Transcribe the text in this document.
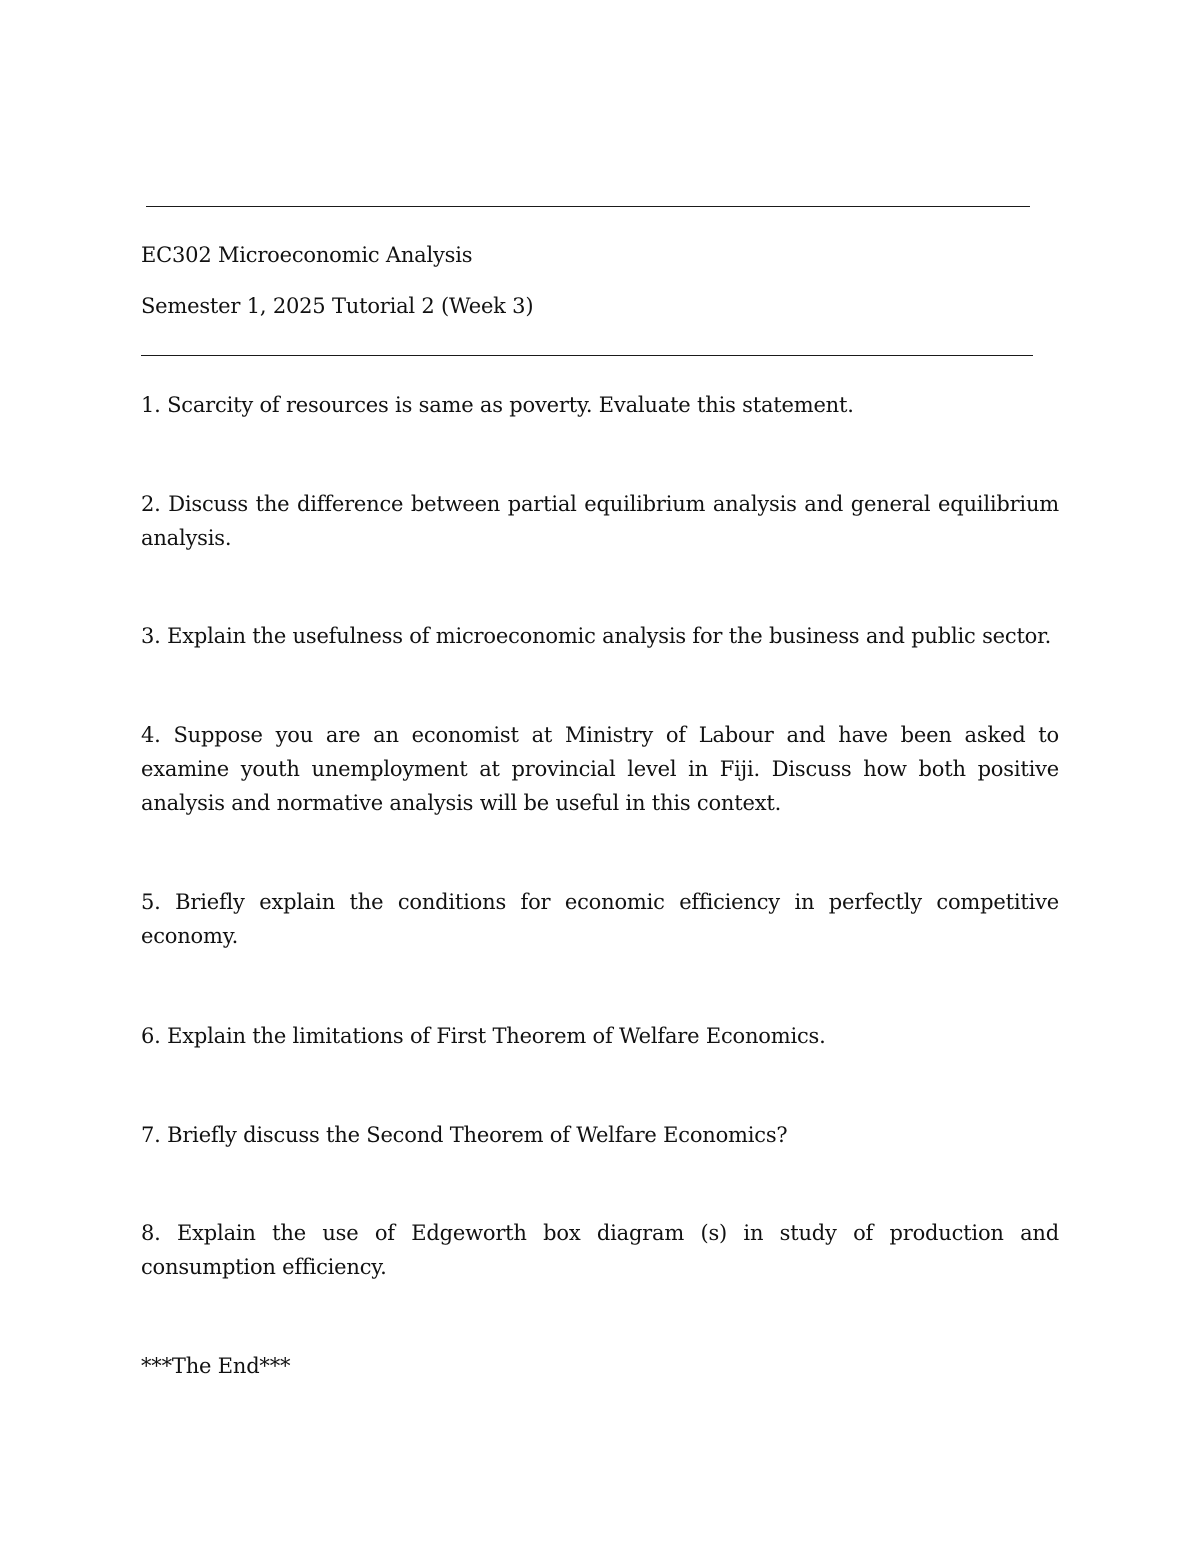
EC302 Microeconomic Analysis
Semester 1, 2025 Tutorial 2 (Week 3)
1. Scarcity of resources is same as poverty. Evaluate this statement.
2. Discuss the difference between partial equilibrium analysis and general equilibrium analysis.
3. Explain the usefulness of microeconomic analysis for the business and public sector.
4. Suppose you are an economist at Ministry of Labour and have been asked to examine youth unemployment at provincial level in Fiji. Discuss how both positive analysis and normative analysis will be useful in this context.
5. Briefly explain the conditions for economic efficiency in perfectly competitive economy.
6. Explain the limitations of First Theorem of Welfare Economics.
7. Briefly discuss the Second Theorem of Welfare Economics?
8. Explain the use of Edgeworth box diagram (s) in study of production and consumption efficiency.
***The End***
